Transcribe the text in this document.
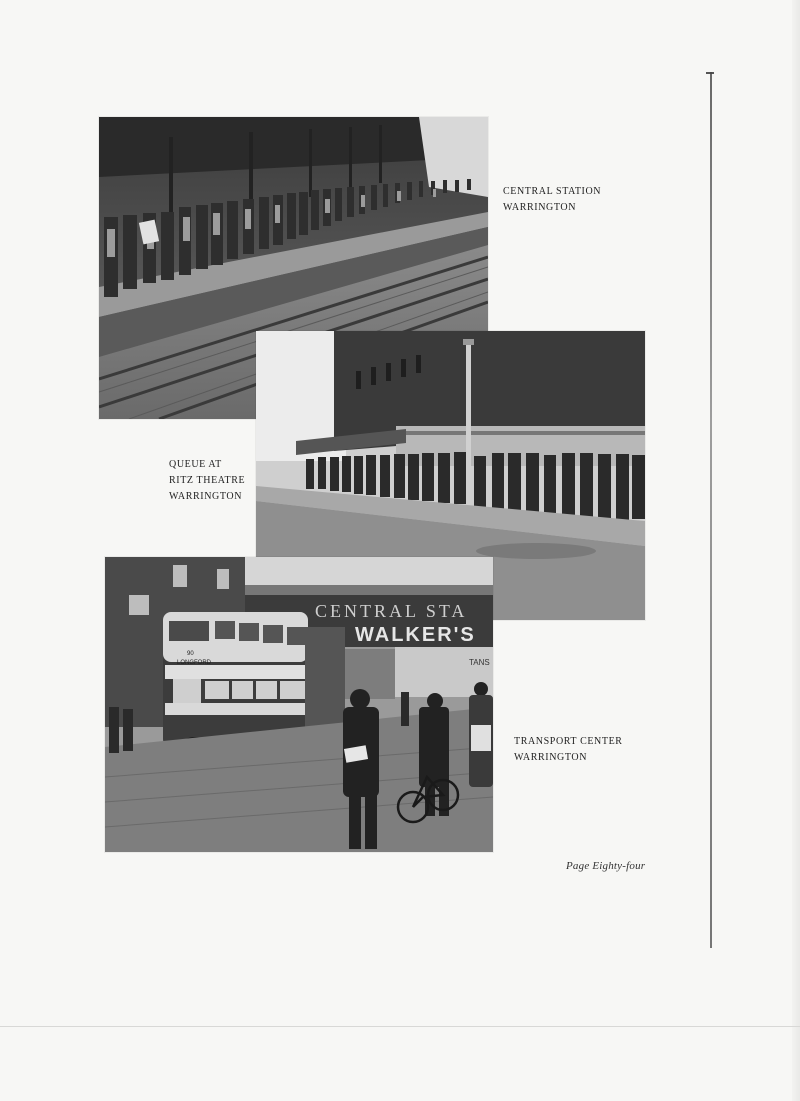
CENTRAL STATION
WARRINGTON
QUEUE AT
RITZ THEATRE
WARRINGTON
CENTRAL STA
WALKER'S
TANS
LONGFORD
90
TRANSPORT CENTER
WARRINGTON
Page Eighty-four
